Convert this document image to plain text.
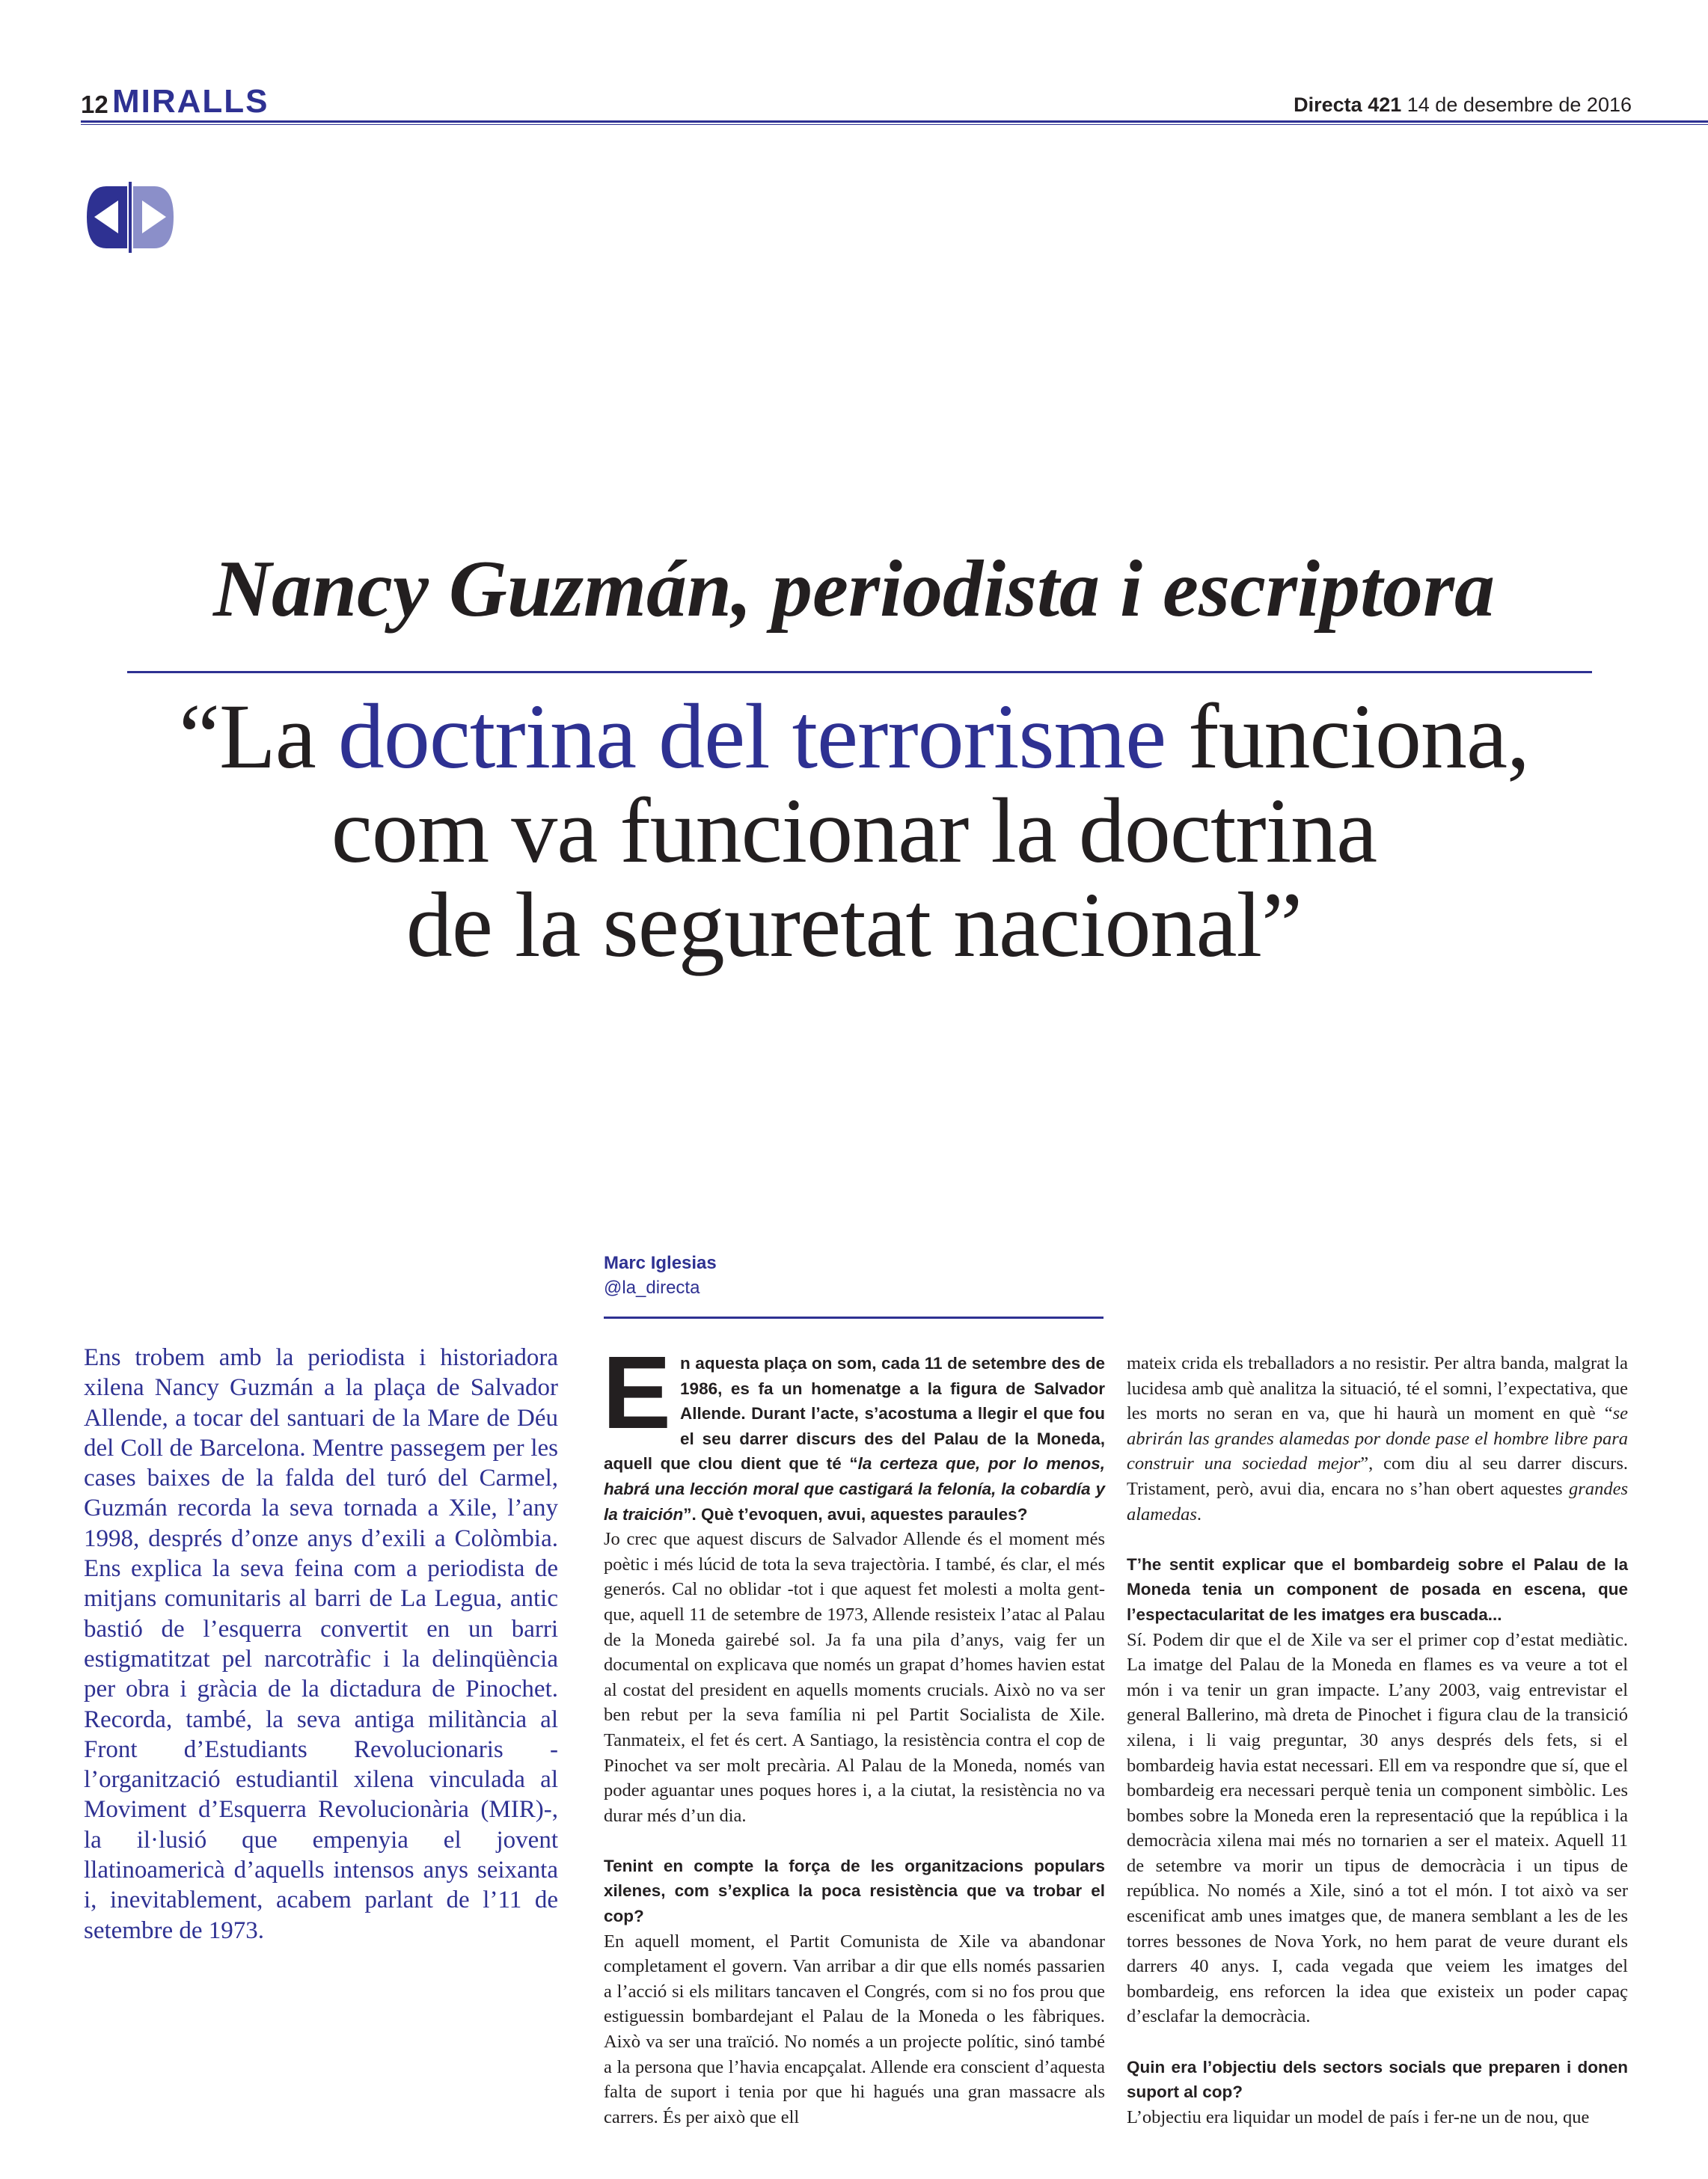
12 MIRALLS	Directa 421 14 de desembre de 2016
Nancy Guzmán, periodista i escriptora
“La doctrina del terrorisme funciona,
com va funcionar la doctrina
de la seguretat nacional”
Marc Iglesias
@la_directa
Ens trobem amb la periodista i historiadora xilena Nancy Guzmán a la plaça de Salvador Allende, a tocar del santuari de la Mare de Déu del Coll de Barcelona. Mentre passegem per les cases baixes de la falda del turó del Carmel, Guzmán recorda la seva tornada a Xile, l’any 1998, després d’onze anys d’exili a Colòmbia. Ens explica la seva feina com a periodista de mitjans comunitaris al barri de La Legua, antic bastió de l’esquerra convertit en un barri estigmatitzat pel narcotràfic i la delinqüència per obra i gràcia de la dictadura de Pinochet. Recorda, també, la seva antiga militància al Front d’Estudiants Revolucionaris -l’organització estudiantil xilena vinculada al Moviment d’Esquerra Revolucionària (MIR)-, la il·lusió que empenyia el jovent llatinoamericà d’aquells intensos anys seixanta i, inevitablement, acabem parlant de l’11 de setembre de 1973.

En aquesta plaça on som, cada 11 de setembre des de 1986, es fa un homenatge a la figura de Salvador Allende. Durant l’acte, s’acostuma a llegir el que fou el seu darrer discurs des del Palau de la Moneda, aquell que clou dient que té “la certeza que, por lo menos, habrá una lección moral que castigará la felonía, la cobardía y la traición”. Què t’evoquen, avui, aquestes paraules?

Jo crec que aquest discurs de Salvador Allende és el moment més poètic i més lúcid de tota la seva trajectòria. I també, és clar, el més generós. Cal no oblidar -tot i que aquest fet molesti a molta gent- que, aquell 11 de setembre de 1973, Allende resisteix l’atac al Palau de la Moneda gairebé sol. Ja fa una pila d’anys, vaig fer un documental on explicava que només un grapat d’homes havien estat al costat del president en aquells moments crucials. Això no va ser ben rebut per la seva família ni pel Partit Socialista de Xile. Tanmateix, el fet és cert. A Santiago, la resistència contra el cop de Pinochet va ser molt precària. Al Palau de la Moneda, només van poder aguantar unes poques hores i, a la ciutat, la resistència no va durar més d’un dia.

Tenint en compte la força de les organitzacions populars xilenes, com s’explica la poca resistència que va trobar el cop?

En aquell moment, el Partit Comunista de Xile va abandonar completament el govern. Van arribar a dir que ells només passarien a l’acció si els militars tancaven el Congrés, com si no fos prou que estiguessin bombardejant el Palau de la Moneda o les fàbriques. Això va ser una traïció. No només a un projecte polític, sinó també a la persona que l’havia encapçalat. Allende era conscient d’aquesta falta de suport i tenia por que hi hagués una gran massacre als carrers. És per això que ell

mateix crida els treballadors a no resistir. Per altra banda, malgrat la lucidesa amb què analitza la situació, té el somni, l’expectativa, que les morts no seran en va, que hi haurà un moment en què “se abrirán las grandes alamedas por donde pase el hombre libre para construir una sociedad mejor”, com diu al seu darrer discurs. Tristament, però, avui dia, encara no s’han obert aquestes grandes alamedas.

T’he sentit explicar que el bombardeig sobre el Palau de la Moneda tenia un component de posada en escena, que l’espectacularitat de les imatges era buscada...

Sí. Podem dir que el de Xile va ser el primer cop d’estat mediàtic. La imatge del Palau de la Moneda en flames es va veure a tot el món i va tenir un gran impacte. L’any 2003, vaig entrevistar el general Ballerino, mà dreta de Pinochet i figura clau de la transició xilena, i li vaig preguntar, 30 anys després dels fets, si el bombardeig havia estat necessari. Ell em va respondre que sí, que el bombardeig era necessari perquè tenia un component simbòlic. Les bombes sobre la Moneda eren la representació que la república i la democràcia xilena mai més no tornarien a ser el mateix. Aquell 11 de setembre va morir un tipus de democràcia i un tipus de república. No només a Xile, sinó a tot el món. I tot això va ser escenificat amb unes imatges que, de manera semblant a les de les torres bessones de Nova York, no hem parat de veure durant els darrers 40 anys. I, cada vegada que veiem les imatges del bombardeig, ens reforcen la idea que existeix un poder capaç d’esclafar la democràcia.

Quin era l’objectiu dels sectors socials que preparen i donen suport al cop?

L’objectiu era liquidar un model de país i fer-ne un de nou, que
